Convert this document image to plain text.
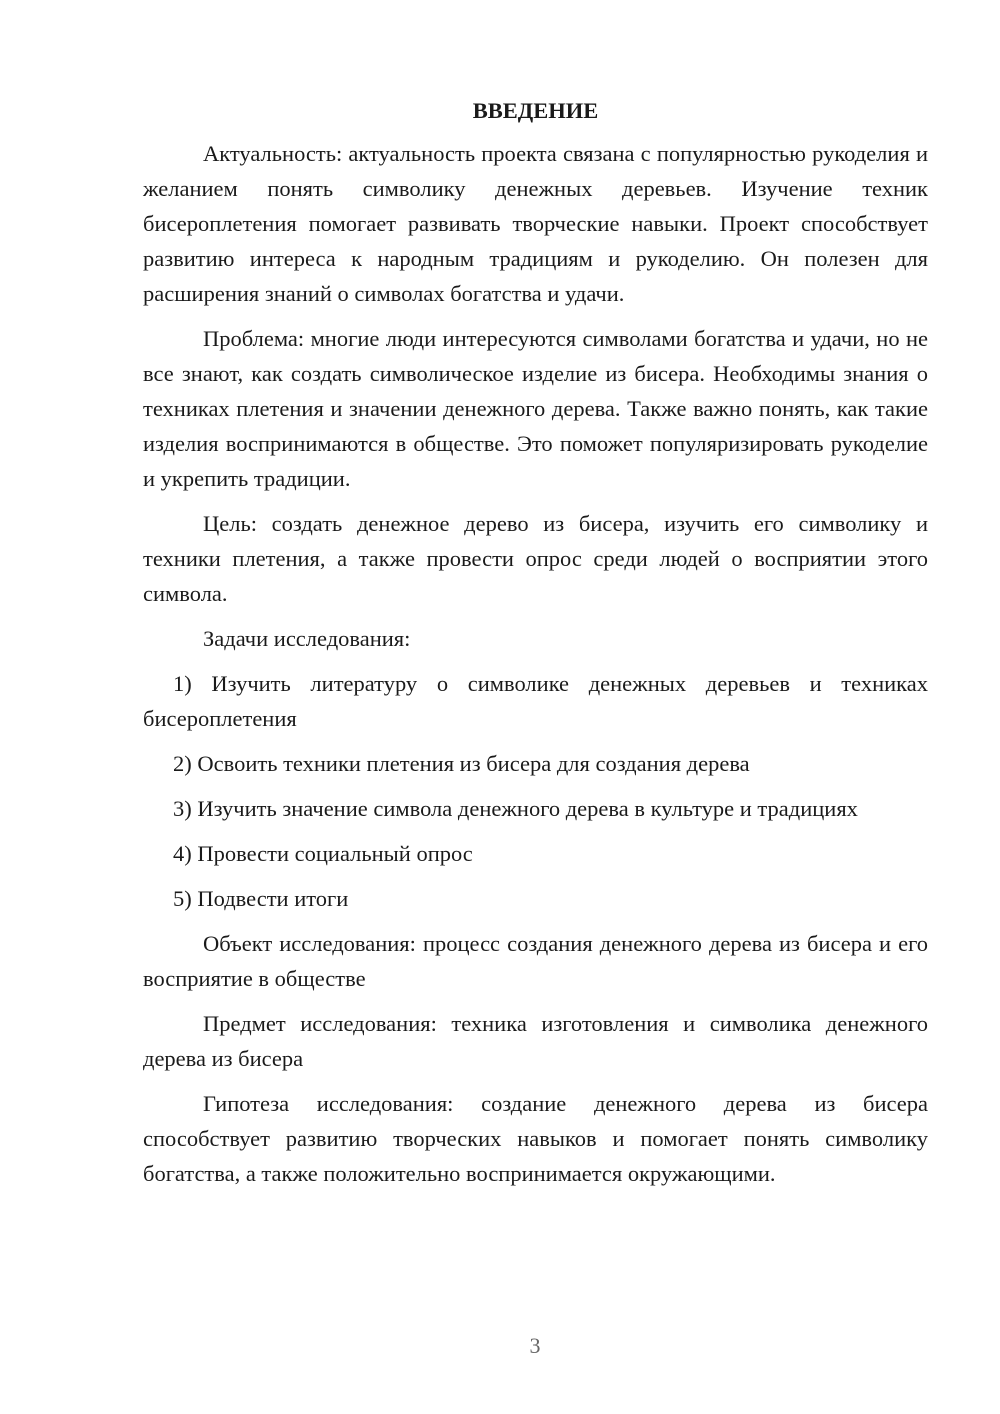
ВВЕДЕНИЕ

Актуальность: актуальность проекта связана с популярностью рукоделия и желанием понять символику денежных деревьев. Изучение техник бисероплетения помогает развивать творческие навыки. Проект способствует развитию интереса к народным традициям и рукоделию. Он полезен для расширения знаний о символах богатства и удачи.

Проблема: многие люди интересуются символами богатства и удачи, но не все знают, как создать символическое изделие из бисера. Необходимы знания о техниках плетения и значении денежного дерева. Также важно понять, как такие изделия воспринимаются в обществе. Это поможет популяризировать рукоделие и укрепить традиции.

Цель: создать денежное дерево из бисера, изучить его символику и техники плетения, а также провести опрос среди людей о восприятии этого символа.

Задачи исследования:

1) Изучить литературу о символике денежных деревьев и техниках бисероплетения

2) Освоить техники плетения из бисера для создания дерева

3) Изучить значение символа денежного дерева в культуре и традициях

4) Провести социальный опрос

5) Подвести итоги

Объект исследования: процесс создания денежного дерева из бисера и его восприятие в обществе

Предмет исследования: техника изготовления и символика денежного дерева из бисера

Гипотеза исследования: создание денежного дерева из бисера способствует развитию творческих навыков и помогает понять символику богатства, а также положительно воспринимается окружающими.

3
